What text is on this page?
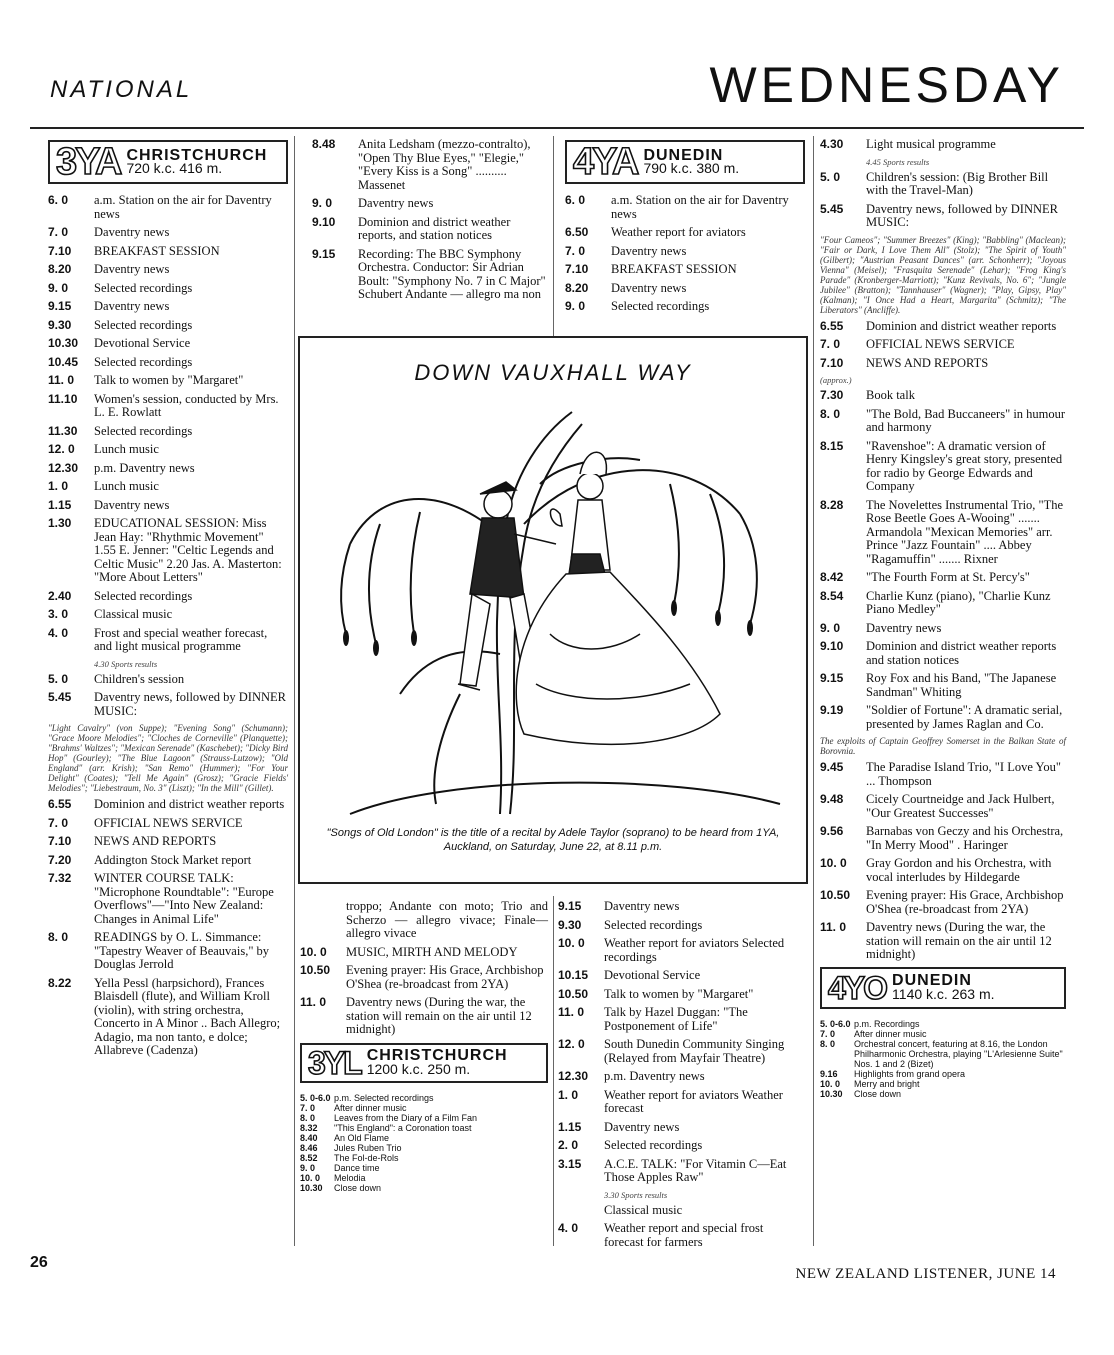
NATIONAL	WEDNESDAY
3YA CHRISTCHURCH
720 k.c. 416 m.
6. 0	a.m. Station on the air for Daventry news
7. 0	Daventry news
7.10	BREAKFAST SESSION
8.20	Daventry news
9. 0	Selected recordings
9.15	Daventry news
9.30	Selected recordings
10.30	Devotional Service
10.45	Selected recordings
11. 0	Talk to women by "Margaret"
11.10	Women's session, conducted by Mrs. L. E. Rowlatt
11.30	Selected recordings
12. 0	Lunch music
12.30	p.m. Daventry news
1. 0	Lunch music
1.15	Daventry news
1.30	EDUCATIONAL SESSION: Miss Jean Hay: "Rhythmic Movement" 1.55 E. Jenner: "Celtic Legends and Celtic Music" 2.20 Jas. A. Masterton: "More About Letters"
2.40	Selected recordings
3. 0	Classical music
4. 0	Frost and special weather forecast, and light musical programme
4.30 Sports results
5. 0	Children's session
5.45	Daventry news, followed by DINNER MUSIC:
"Light Cavalry" (von Suppe); "Evening Song" (Schumann); "Grace Moore Melodies"; "Cloches de Corneville" (Planquette); "Brahms' Waltzes"; "Mexican Serenade" (Kaschebet); "Dicky Bird Hop" (Gourley); "The Blue Lagoon" (Strauss-Lutzow); "Old England" (arr. Krish); "San Remo" (Hummer); "For Your Delight" (Coates); "Tell Me Again" (Grosz); "Gracie Fields' Melodies"; "Liebestraum, No. 3" (Liszt); "In the Mill" (Gillet).
6.55	Dominion and district weather reports
7. 0	OFFICIAL NEWS SERVICE
7.10	NEWS AND REPORTS
7.20	Addington Stock Market report
7.32	WINTER COURSE TALK: "Microphone Roundtable": "Europe Overflows"—"Into New Zealand: Changes in Animal Life"
8. 0	READINGS by O. L. Simmance: "Tapestry Weaver of Beauvais," by Douglas Jerrold
8.22	Yella Pessl (harpsichord), Frances Blaisdell (flute), and William Kroll (violin), with string orchestra, Concerto in A Minor .. Bach Allegro; Adagio, ma non tanto, e dolce; Allabreve (Cadenza)
8.48	Anita Ledsham (mezzo-contralto), "Open Thy Blue Eyes," "Elegie," "Every Kiss is a Song" .......... Massenet
9. 0	Daventry news
9.10	Dominion and district weather reports, and station notices
9.15	Recording: The BBC Symphony Orchestra. Conductor: Sir Adrian Boult: "Symphony No. 7 in C Major" Schubert Andante — allegro ma non
4YA DUNEDIN
790 k.c. 380 m.
6. 0	a.m. Station on the air for Daventry news
6.50	Weather report for aviators
7. 0	Daventry news
7.10	BREAKFAST SESSION
8.20	Daventry news
9. 0	Selected recordings
DOWN VAUXHALL WAY
"Songs of Old London" is the title of a recital by Adele Taylor (soprano) to be heard from 1YA, Auckland, on Saturday, June 22, at 8.11 p.m.
troppo; Andante con moto; Trio and Scherzo — allegro vivace; Finale—allegro vivace
10. 0	MUSIC, MIRTH AND MELODY
10.50	Evening prayer: His Grace, Archbishop O'Shea (re-broadcast from 2YA)
11. 0	Daventry news (During the war, the station will remain on the air until 12 midnight)
3YL CHRISTCHURCH
1200 k.c. 250 m.
5. 0-6.0 p.m. Selected recordings
7. 0	After dinner music
8. 0	Leaves from the Diary of a Film Fan
8.32	"This England": a Coronation toast
8.40	An Old Flame
8.46	Jules Ruben Trio
8.52	The Fol-de-Rols
9. 0	Dance time
10. 0	Melodia
10.30	Close down
9.15	Daventry news
9.30	Selected recordings
10. 0	Weather report for aviators Selected recordings
10.15	Devotional Service
10.50	Talk to women by "Margaret"
11. 0	Talk by Hazel Duggan: "The Postponement of Life"
12. 0	South Dunedin Community Singing (Relayed from Mayfair Theatre)
12.30	p.m. Daventry news
1. 0	Weather report for aviators Weather forecast
1.15	Daventry news
2. 0	Selected recordings
3.15	A.C.E. TALK: "For Vitamin C—Eat Those Apples Raw"
3.30 Sports results
Classical music
4. 0	Weather report and special frost forecast for farmers
4.30	Light musical programme
4.45 Sports results
5. 0	Children's session: (Big Brother Bill with the Travel-Man)
5.45	Daventry news, followed by DINNER MUSIC:
"Four Cameos"; "Summer Breezes" (King); "Babbling" (Maclean); "Fair or Dark, I Love Them All" (Stolz); "The Spirit of Youth" (Gilbert); "Austrian Peasant Dances" (arr. Schonherr); "Joyous Vienna" (Meisel); "Frasquita Serenade" (Lehar); "Frog King's Parade" (Kronberger-Marriott); "Kunz Revivals, No. 6"; "Jungle Jubilee" (Bratton); "Tannhauser" (Wagner); "Play, Gipsy, Play" (Kalman); "I Once Had a Heart, Margarita" (Schmitz); "The Liberators" (Ancliffe).
6.55	Dominion and district weather reports
7. 0	OFFICIAL NEWS SERVICE
7.10	NEWS AND REPORTS
(approx.)
7.30	Book talk
8. 0	"The Bold, Bad Buccaneers" in humour and harmony
8.15	"Ravenshoe": A dramatic version of Henry Kingsley's great story, presented for radio by George Edwards and Company
8.28	The Novelettes Instrumental Trio, "The Rose Beetle Goes A-Wooing" ....... Armandola "Mexican Memories" arr. Prince "Jazz Fountain" .... Abbey "Ragamuffin" ....... Rixner
8.42	"The Fourth Form at St. Percy's"
8.54	Charlie Kunz (piano), "Charlie Kunz Piano Medley"
9. 0	Daventry news
9.10	Dominion and district weather reports and station notices
9.15	Roy Fox and his Band, "The Japanese Sandman" Whiting
9.19	"Soldier of Fortune": A dramatic serial, presented by James Raglan and Co.
The exploits of Captain Geoffrey Somerset in the Balkan State of Borovnia.
9.45	The Paradise Island Trio, "I Love You" ... Thompson
9.48	Cicely Courtneidge and Jack Hulbert, "Our Greatest Successes"
9.56	Barnabas von Geczy and his Orchestra, "In Merry Mood" . Haringer
10. 0	Gray Gordon and his Orchestra, with vocal interludes by Hildegarde
10.50	Evening prayer: His Grace, Archbishop O'Shea (re-broadcast from 2YA)
11. 0	Daventry news (During the war, the station will remain on the air until 12 midnight)
4YO DUNEDIN
1140 k.c. 263 m.
5. 0-6.0 p.m. Recordings
7. 0	After dinner music
8. 0	Orchestral concert, featuring at 8.16, the London Philharmonic Orchestra, playing "L'Arlesienne Suite" Nos. 1 and 2 (Bizet)
9.16	Highlights from grand opera
10. 0	Merry and bright
10.30	Close down
26
NEW ZEALAND LISTENER, JUNE 14
